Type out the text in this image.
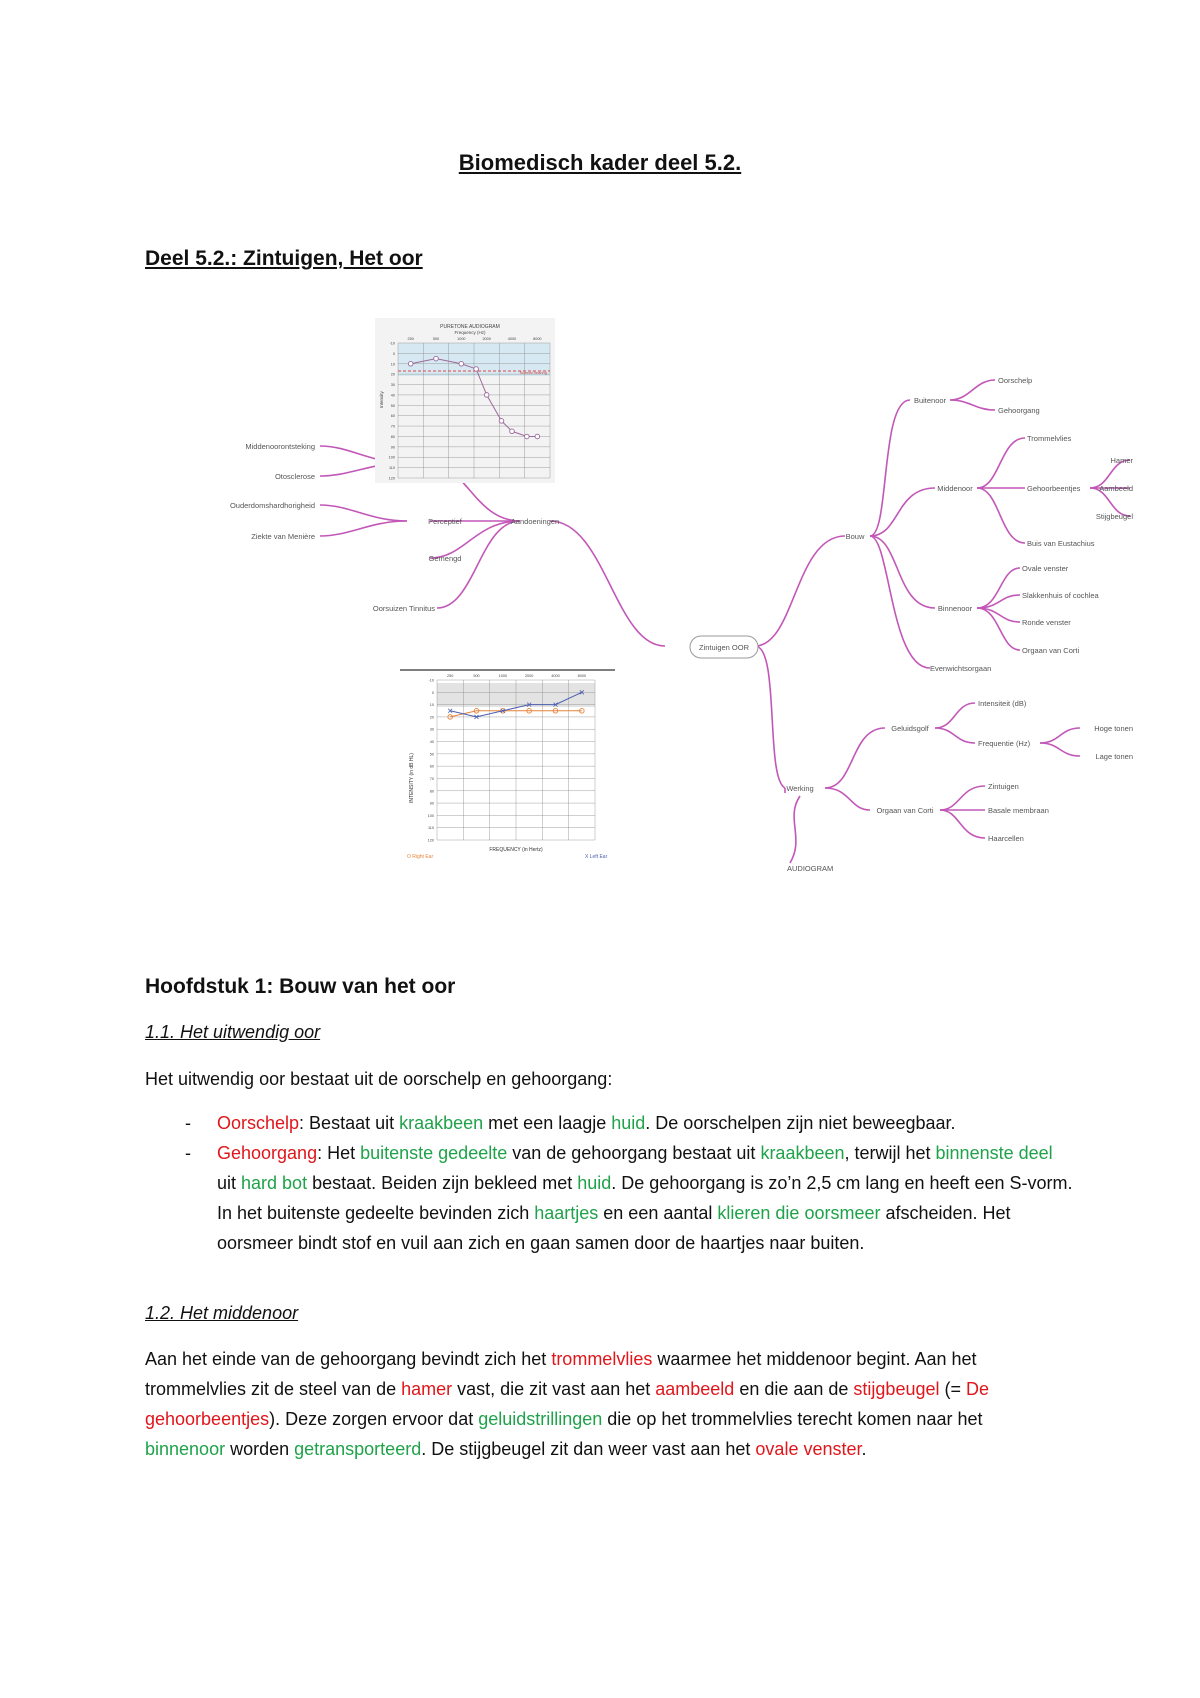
Biomedisch kader deel 5.2.
Deel 5.2.: Zintuigen, Het oor
Zintuigen OOR
Aandoeningen
Middenoorontsteking
Otosclerose
Perceptief
Ouderdomshardhorigheid
Ziekte van Menière
Gemengd
Oorsuizen Tinnitus
Bouw
Buitenoor
Oorschelp
Gehoorgang
Middenoor
Trommelvlies
Gehoorbeentjes
Buis van Eustachius
Hamer
Aambeeld
Stijgbeugel
Binnenoor
Ovale venster
Slakkenhuis of cochlea
Ronde venster
Orgaan van Corti
Evenwichtsorgaan
Werking
Geluidsgolf
Intensiteit (dB)
Frequentie (Hz)
Hoge tonen
Lage tonen
Orgaan van Corti
Zintuigen
Basale membraan
Haarcellen
AUDIOGRAM
PURETONE AUDIOGRAM
Frequency (Hz)
Intensity
Normal hearing
-10
0
10
20
30
40
50
60
70
80
90
100
110
120
250	500	1000	2000	4000	8000
INTENSITY (in dB HL)
FREQUENCY (in Hertz)
O Right Ear	X Left Ear
-10
0
10
20
30
40
50
60
70
80
90
100
110
120
250	500	1000	2000	4000	8000
Hoofdstuk 1: Bouw van het oor
1.1. Het uitwendig oor
Het uitwendig oor bestaat uit de oorschelp en gehoorgang:
- Oorschelp: Bestaat uit kraakbeen met een laagje huid. De oorschelpen zijn niet beweegbaar.
- Gehoorgang: Het buitenste gedeelte van de gehoorgang bestaat uit kraakbeen, terwijl het binnenste deel uit hard bot bestaat. Beiden zijn bekleed met huid. De gehoorgang is zo’n 2,5 cm lang en heeft een S-vorm. In het buitenste gedeelte bevinden zich haartjes en een aantal klieren die oorsmeer afscheiden. Het oorsmeer bindt stof en vuil aan zich en gaan samen door de haartjes naar buiten.
1.2. Het middenoor
Aan het einde van de gehoorgang bevindt zich het trommelvlies waarmee het middenoor begint. Aan het trommelvlies zit de steel van de hamer vast, die zit vast aan het aambeeld en die aan de stijgbeugel (= De gehoorbeentjes). Deze zorgen ervoor dat geluidstrillingen die op het trommelvlies terecht komen naar het binnenoor worden getransporteerd. De stijgbeugel zit dan weer vast aan het ovale venster.
